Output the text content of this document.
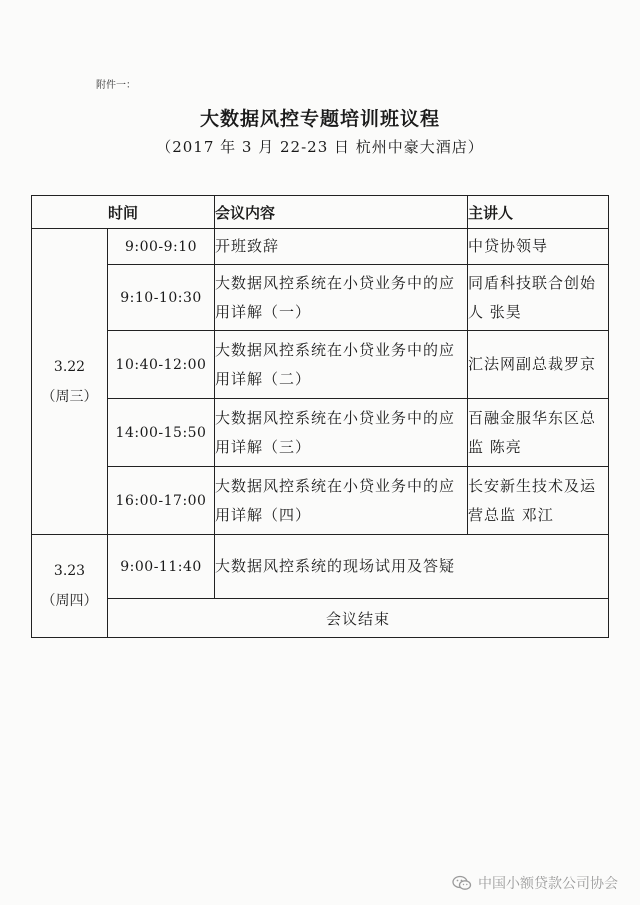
附件一：
大数据风控专题培训班议程
（2017 年 3 月 22-23 日 杭州中豪大酒店）
时间		会议内容	主讲人

3.22
（周三）	9:00-9:10	开班致辞	中贷协领导
	9:10-10:30	大数据风控系统在小贷业务中的应用详解（一）	同盾科技联合创始人 张昊
	10:40-12:00	大数据风控系统在小贷业务中的应用详解（二）	汇法网副总裁罗京
	14:00-15:50	大数据风控系统在小贷业务中的应用详解（三）	百融金服华东区总监 陈亮
	16:00-17:00	大数据风控系统在小贷业务中的应用详解（四）	长安新生技术及运营总监 邓江

3.23
（周四）	9:00-11:40	大数据风控系统的现场试用及答疑	
	会议结束		
中国小额贷款公司协会
